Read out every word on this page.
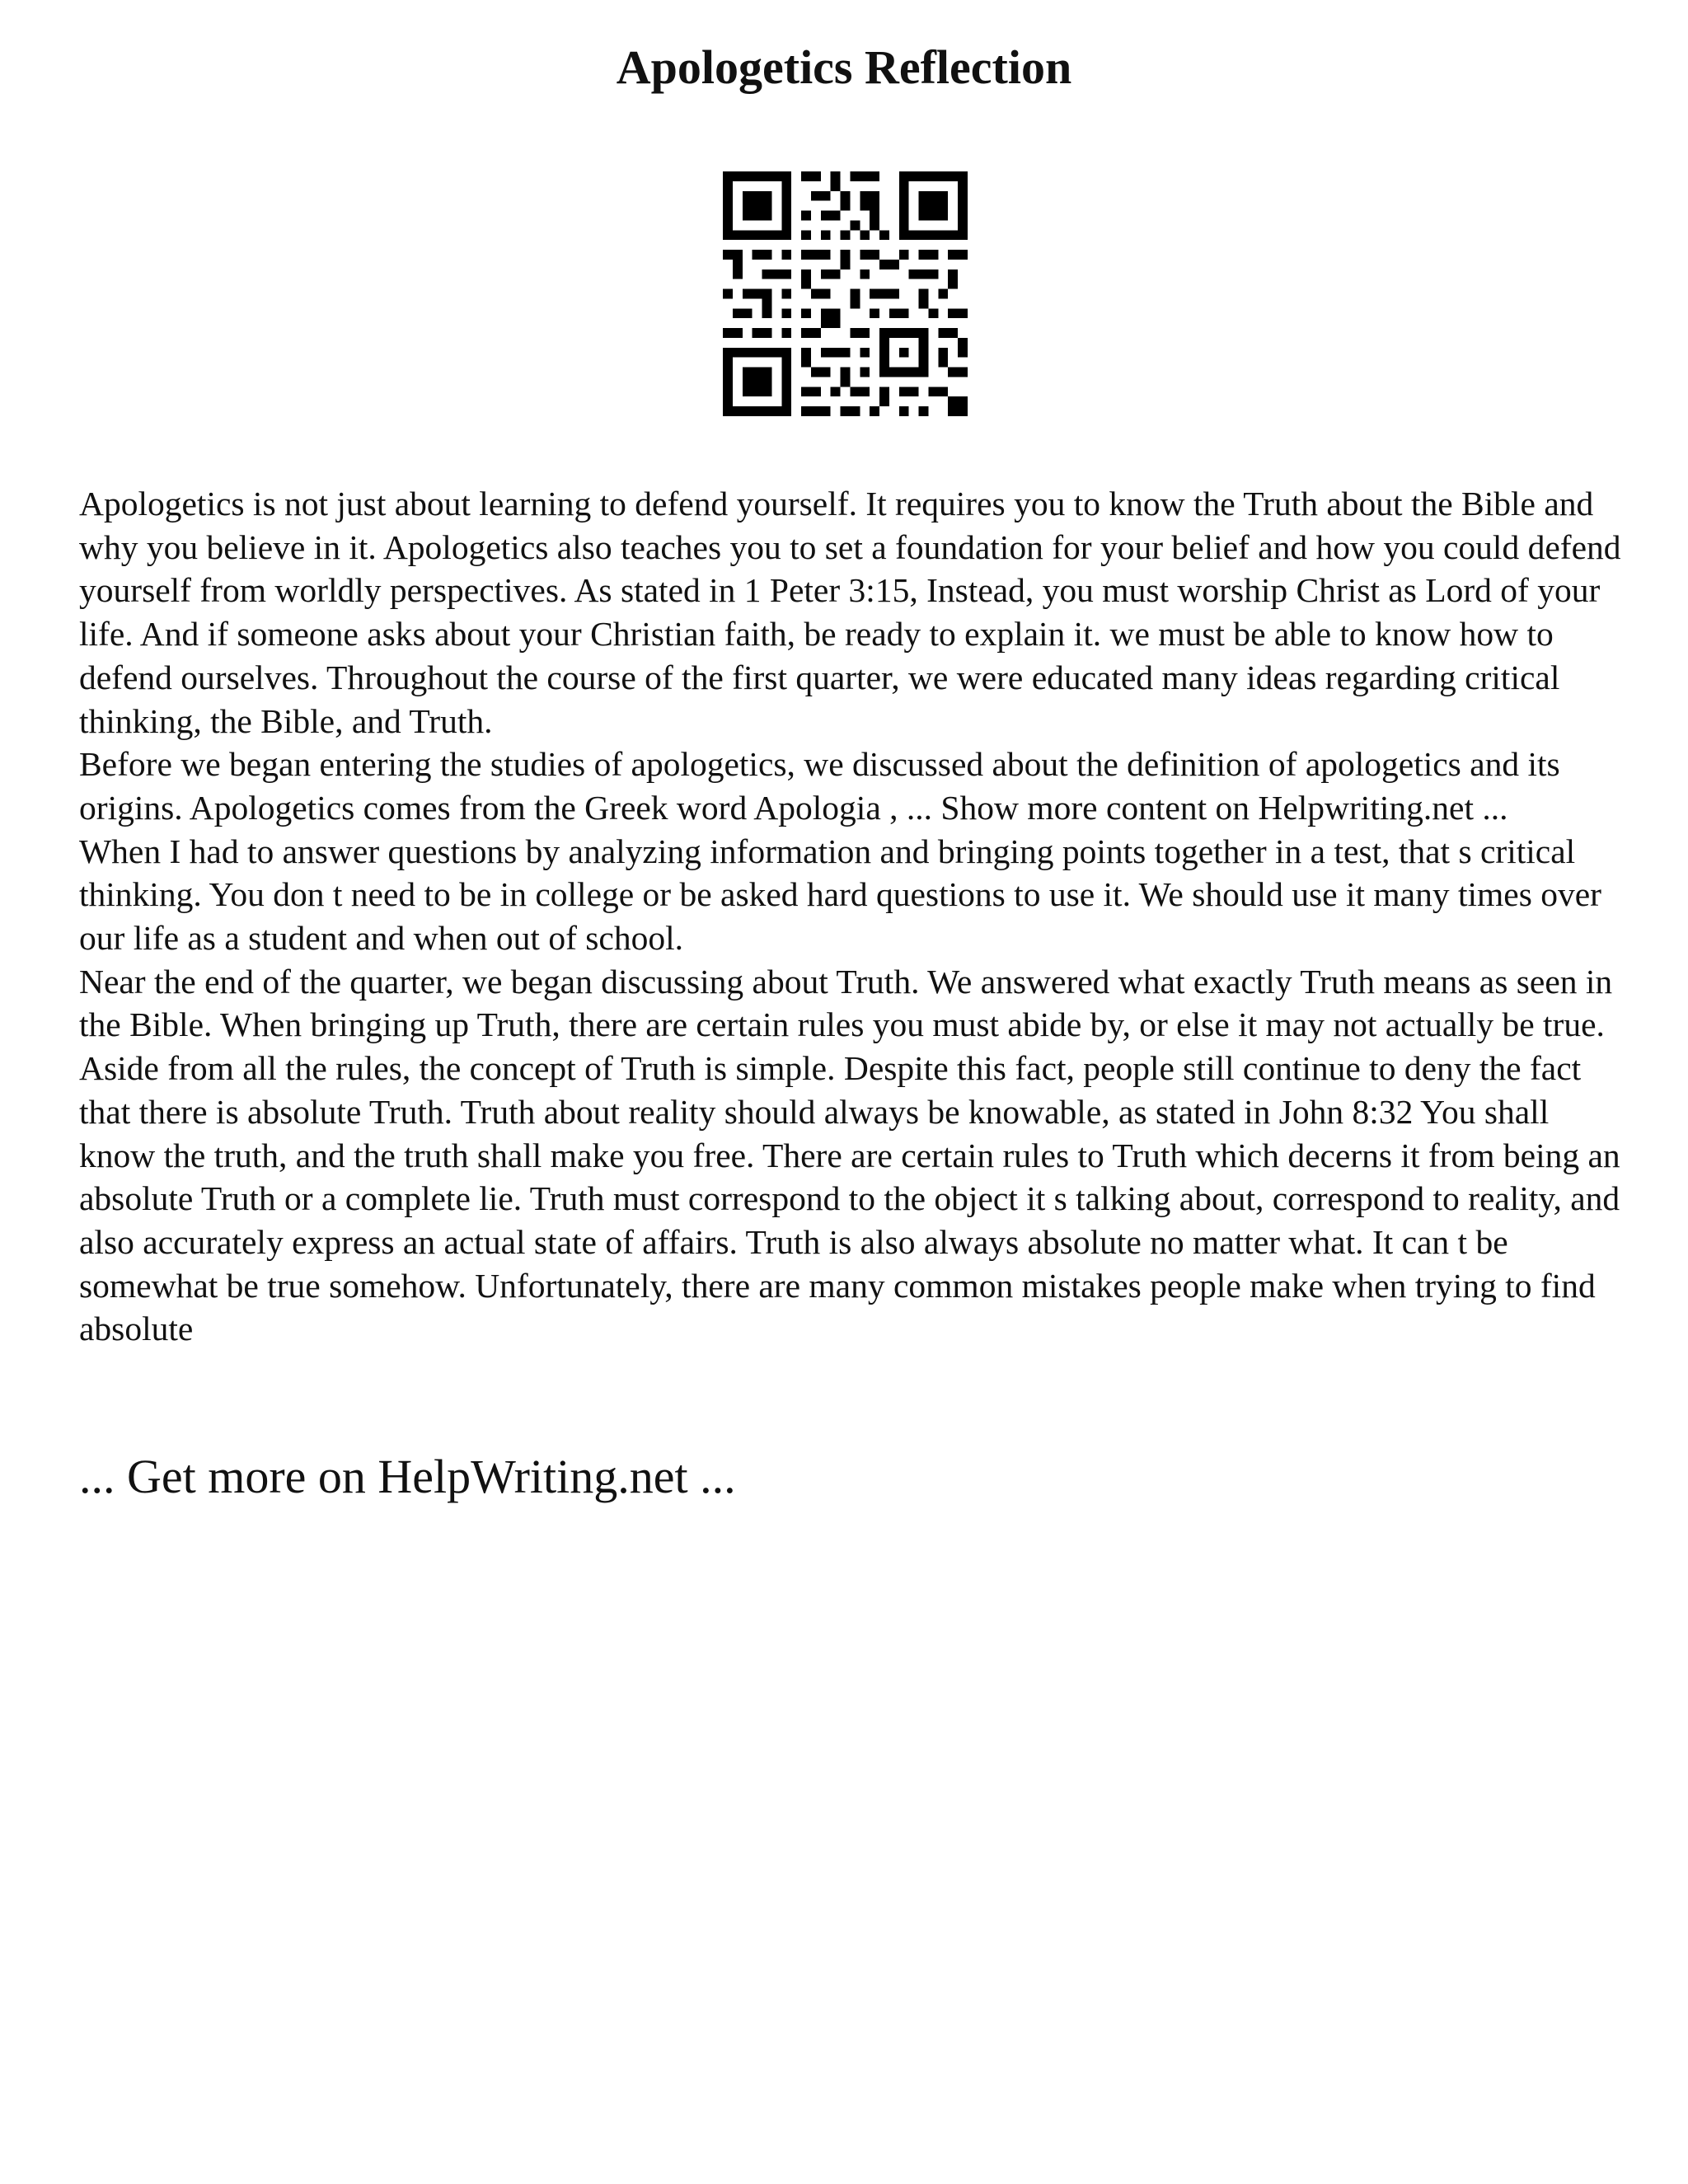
Apologetics Reflection

Apologetics is not just about learning to defend yourself. It requires you to know the Truth about the Bible and why you believe in it. Apologetics also teaches you to set a foundation for your belief and how you could defend yourself from worldly perspectives. As stated in 1 Peter 3:15, Instead, you must worship Christ as Lord of your life. And if someone asks about your Christian faith, be ready to explain it. we must be able to know how to defend ourselves. Throughout the course of the first quarter, we were educated many ideas regarding critical thinking, the Bible, and Truth.

Before we began entering the studies of apologetics, we discussed about the definition of apologetics and its origins. Apologetics comes from the Greek word Apologia , ... Show more content on Helpwriting.net ...

When I had to answer questions by analyzing information and bringing points together in a test, that s critical thinking. You don t need to be in college or be asked hard questions to use it. We should use it many times over our life as a student and when out of school.

Near the end of the quarter, we began discussing about Truth. We answered what exactly Truth means as seen in the Bible. When bringing up Truth, there are certain rules you must abide by, or else it may not actually be true. Aside from all the rules, the concept of Truth is simple. Despite this fact, people still continue to deny the fact that there is absolute Truth. Truth about reality should always be knowable, as stated in John 8:32 You shall know the truth, and the truth shall make you free. There are certain rules to Truth which decerns it from being an absolute Truth or a complete lie. Truth must correspond to the object it s talking about, correspond to reality, and also accurately express an actual state of affairs. Truth is also always absolute no matter what. It can t be somewhat be true somehow. Unfortunately, there are many common mistakes people make when trying to find absolute

... Get more on HelpWriting.net ...
